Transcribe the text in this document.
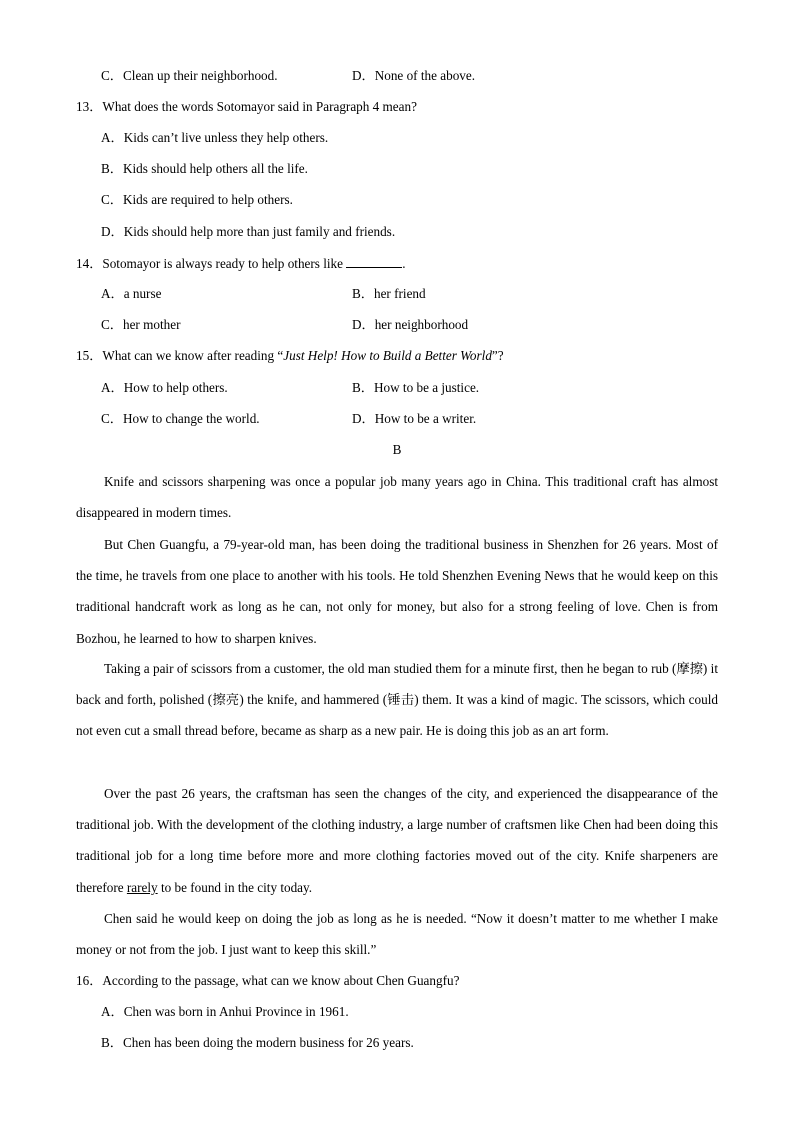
C．Clean up their neighborhood.	D．None of the above.
13．What does the words Sotomayor said in Paragraph 4 mean?
A．Kids can’t live unless they help others.
B．Kids should help others all the life.
C．Kids are required to help others.
D．Kids should help more than just family and friends.
14．Sotomayor is always ready to help others like	.
A．a nurse	B．her friend
C．her mother	D．her neighborhood
15．What can we know after reading “Just Help! How to Build a Better World”?
A．How to help others.	B．How to be a justice.
C．How to change the world.	D．How to be a writer.
B

Knife and scissors sharpening was once a popular job many years ago in China. This traditional craft has almost disappeared in modern times.

But Chen Guangfu, a 79-year-old man, has been doing the traditional business in Shenzhen for 26 years. Most of the time, he travels from one place to another with his tools. He told Shenzhen Evening News that he would keep on this traditional handcraft work as long as he can, not only for money, but also for a strong feeling of love. Chen is from Bozhou, he learned to how to sharpen knives.

Taking a pair of scissors from a customer, the old man studied them for a minute first, then he began to rub (摩擦) it back and forth, polished (擦亮) the knife, and hammered (锤击) them. It was a kind of magic. The scissors, which could not even cut a small thread before, became as sharp as a new pair. He is doing this job as an art form.

Over the past 26 years, the craftsman has seen the changes of the city, and experienced the disappearance of the traditional job. With the development of the clothing industry, a large number of craftsmen like Chen had been doing this traditional job for a long time before more and more clothing factories moved out of the city. Knife sharpeners are therefore rarely to be found in the city today.

Chen said he would keep on doing the job as long as he is needed. “Now it doesn’t matter to me whether I make money or not from the job. I just want to keep this skill.”

16．According to the passage, what can we know about Chen Guangfu?
A．Chen was born in Anhui Province in 1961.
B．Chen has been doing the modern business for 26 years.
